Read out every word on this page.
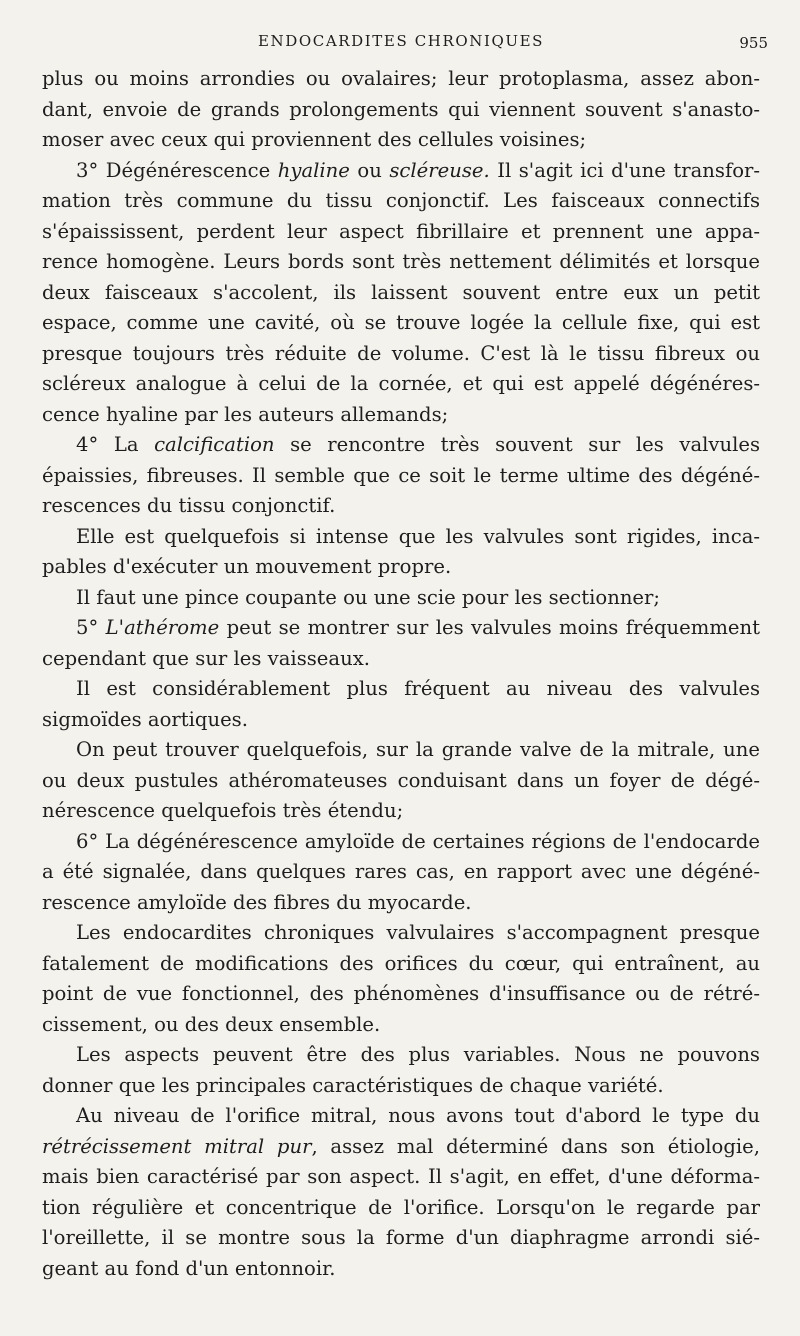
ENDOCARDITES CHRONIQUES	955
plus ou moins arrondies ou ovalaires; leur protoplasma, assez abon-
dant, envoie de grands prolongements qui viennent souvent s'anasto-
moser avec ceux qui proviennent des cellules voisines;
3° Dégénérescence hyaline ou scléreuse. Il s'agit ici d'une transfor-
mation très commune du tissu conjonctif. Les faisceaux connectifs
s'épaississent, perdent leur aspect fibrillaire et prennent une appa-
rence homogène. Leurs bords sont très nettement délimités et lorsque
deux faisceaux s'accolent, ils laissent souvent entre eux un petit
espace, comme une cavité, où se trouve logée la cellule fixe, qui est
presque toujours très réduite de volume. C'est là le tissu fibreux ou
scléreux analogue à celui de la cornée, et qui est appelé dégénéres-
cence hyaline par les auteurs allemands;
4° La calcification se rencontre très souvent sur les valvules
épaissies, fibreuses. Il semble que ce soit le terme ultime des dégéné-
rescences du tissu conjonctif.
Elle est quelquefois si intense que les valvules sont rigides, inca-
pables d'exécuter un mouvement propre.
Il faut une pince coupante ou une scie pour les sectionner;
5° L'athérome peut se montrer sur les valvules moins fréquemment
cependant que sur les vaisseaux.
Il est considérablement plus fréquent au niveau des valvules
sigmoïdes aortiques.
On peut trouver quelquefois, sur la grande valve de la mitrale, une
ou deux pustules athéromateuses conduisant dans un foyer de dégé-
nérescence quelquefois très étendu;
6° La dégénérescence amyloïde de certaines régions de l'endocarde
a été signalée, dans quelques rares cas, en rapport avec une dégéné-
rescence amyloïde des fibres du myocarde.
Les endocardites chroniques valvulaires s'accompagnent presque
fatalement de modifications des orifices du cœur, qui entraînent, au
point de vue fonctionnel, des phénomènes d'insuffisance ou de rétré-
cissement, ou des deux ensemble.
Les aspects peuvent être des plus variables. Nous ne pouvons
donner que les principales caractéristiques de chaque variété.
Au niveau de l'orifice mitral, nous avons tout d'abord le type du
rétrécissement mitral pur, assez mal déterminé dans son étiologie,
mais bien caractérisé par son aspect. Il s'agit, en effet, d'une déforma-
tion régulière et concentrique de l'orifice. Lorsqu'on le regarde par
l'oreillette, il se montre sous la forme d'un diaphragme arrondi sié-
geant au fond d'un entonnoir.
